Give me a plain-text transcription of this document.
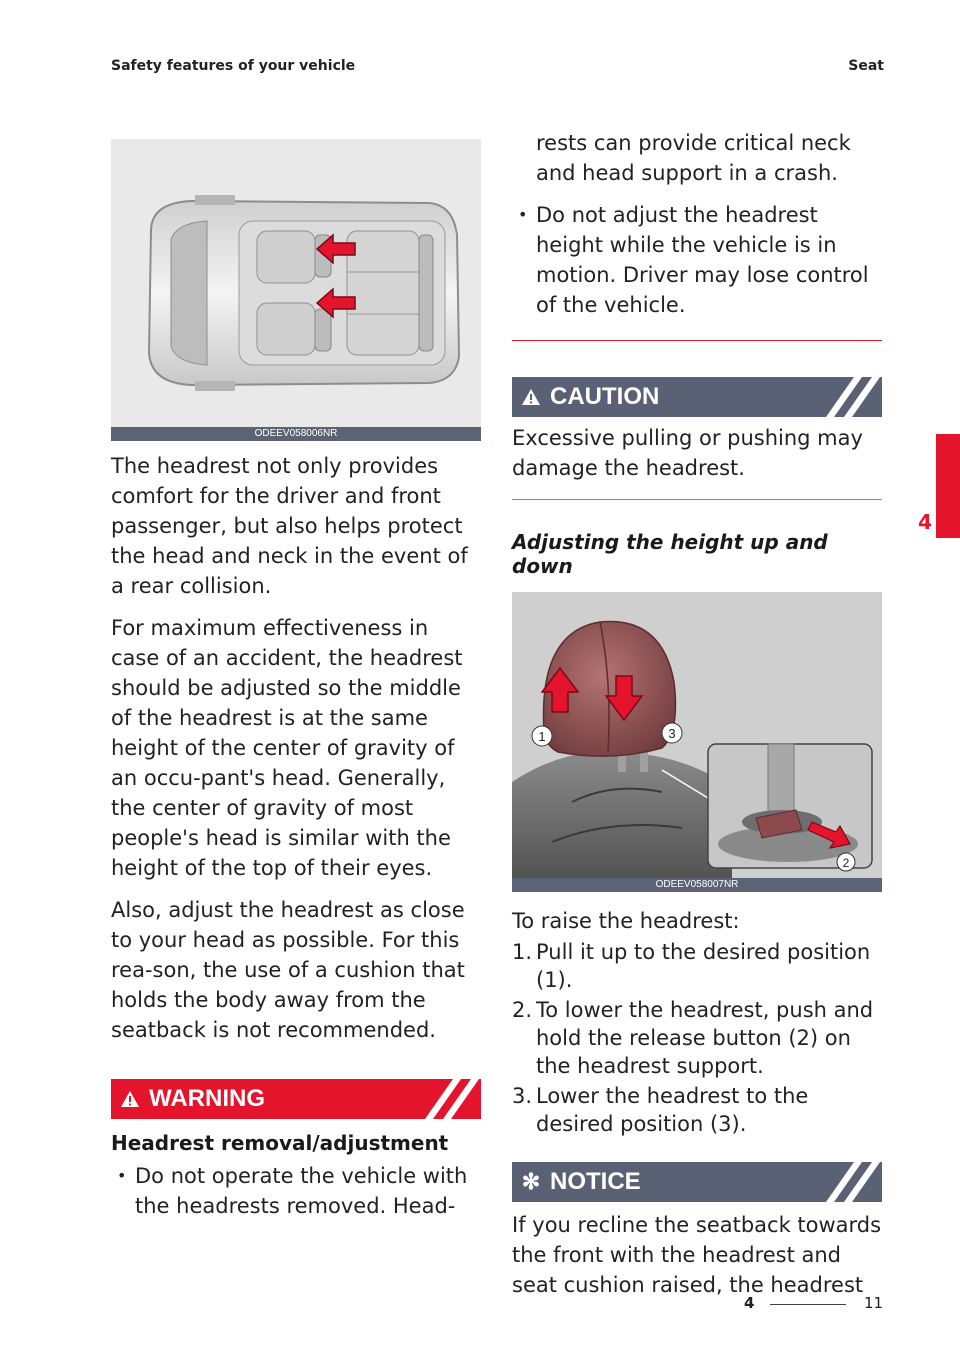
Safety features of your vehicle	Seat
4
ODEEV058006NR

The headrest not only provides comfort for the driver and front passenger, but also helps protect the head and neck in the event of a rear collision.

For maximum effectiveness in case of an accident, the headrest should be adjusted so the middle of the headrest is at the same height of the center of gravity of an occu-pant's head. Generally, the center of gravity of most people's head is similar with the height of the top of their eyes.

Also, adjust the headrest as close to your head as possible. For this rea-son, the use of a cushion that holds the body away from the seatback is not recommended.

WARNING
Headrest removal/adjustment
• Do not operate the vehicle with the headrests removed. Head-

rests can provide critical neck and head support in a crash.

• Do not adjust the headrest height while the vehicle is in motion. Driver may lose control of the vehicle.
CAUTION

Excessive pulling or pushing may damage the headrest.

Adjusting the height up and down
1	3
2
ODEEV058007NR

To raise the headrest:

1. Pull it up to the desired position (1).
2. To lower the headrest, push and hold the release button (2) on the headrest support.
3. Lower the headrest to the desired position (3).
✻ NOTICE

If you recline the seatback towards the front with the headrest and seat cushion raised, the headrest

4	11
